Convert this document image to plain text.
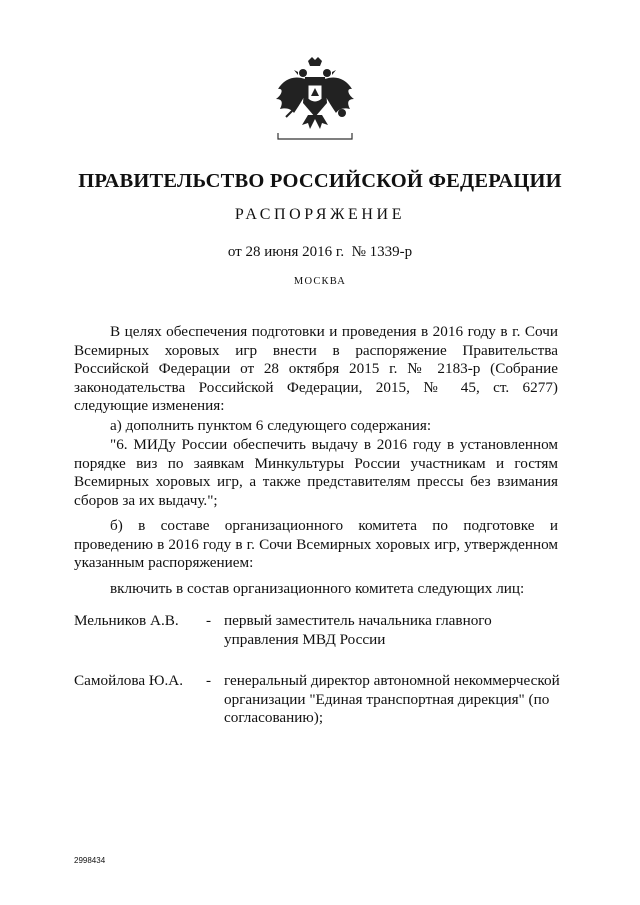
ПРАВИТЕЛЬСТВО РОССИЙСКОЙ ФЕДЕРАЦИИ
РАСПОРЯЖЕНИЕ
от 28 июня 2016 г.  № 1339-р
МОСКВА

В целях обеспечения подготовки и проведения в 2016 году в г. Сочи Всемирных хоровых игр внести в распоряжение Правительства Российской Федерации от 28 октября 2015 г. № 2183-р (Собрание законодательства Российской Федерации, 2015, № 45, ст. 6277) следующие изменения:

а) дополнить пунктом 6 следующего содержания:

"6. МИДу России обеспечить выдачу в 2016 году в установленном порядке виз по заявкам Минкультуры России участникам и гостям Всемирных хоровых игр, а также представителям прессы без взимания сборов за их выдачу.";

б) в составе организационного комитета по подготовке и проведению в 2016 году в г. Сочи Всемирных хоровых игр, утвержденном указанным распоряжением:

включить в состав организационного комитета следующих лиц:

Мельников А.В. - первый заместитель начальника главного управления МВД России
Самойлова Ю.А. - генеральный директор автономной некоммерческой организации "Единая транспортная дирекция" (по согласованию);
2998434
